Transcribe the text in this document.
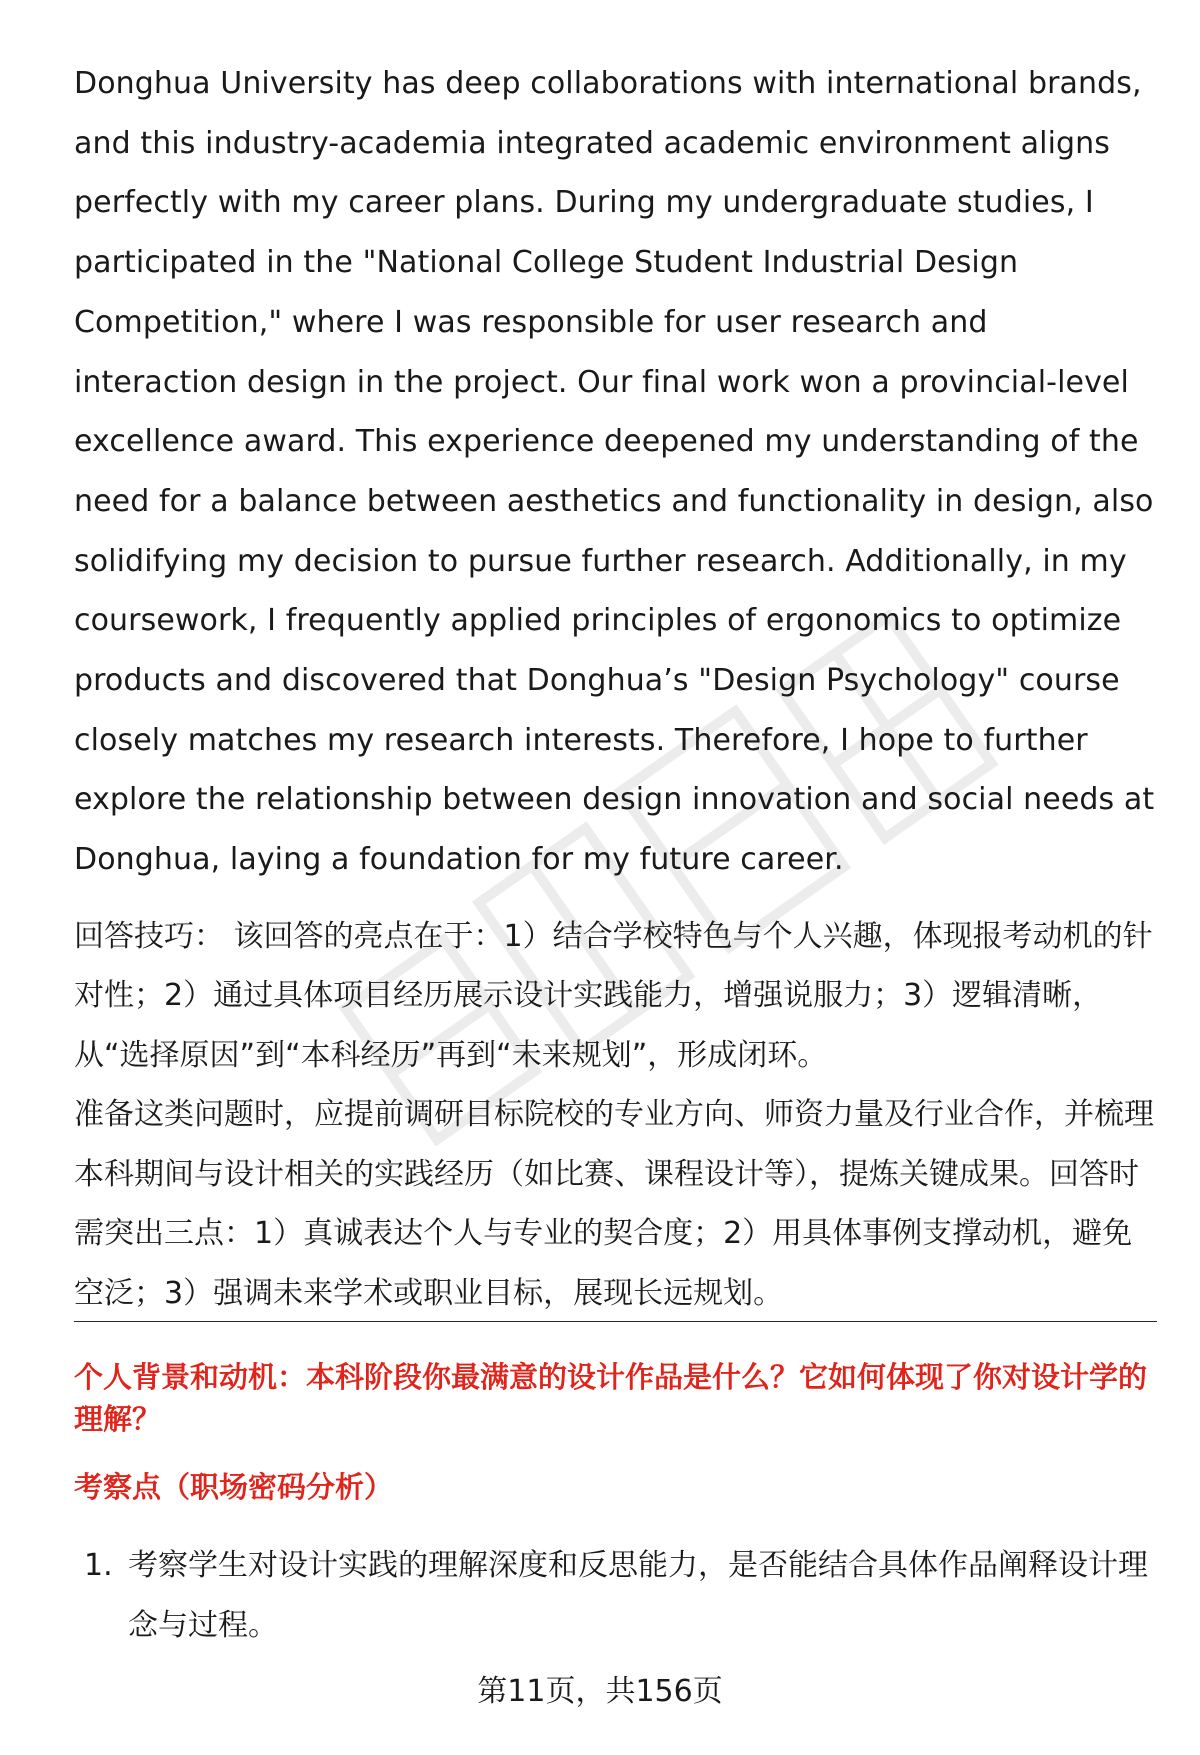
Donghua University has deep collaborations with international brands, and this industry-academia integrated academic environment aligns perfectly with my career plans. During my undergraduate studies, I participated in the "National College Student Industrial Design Competition," where I was responsible for user research and interaction design in the project. Our final work won a provincial-level excellence award. This experience deepened my understanding of the need for a balance between aesthetics and functionality in design, also solidifying my decision to pursue further research. Additionally, in my coursework, I frequently applied principles of ergonomics to optimize products and discovered that Donghua’s "Design Psychology" course closely matches my research interests. Therefore, I hope to further explore the relationship between design innovation and social needs at Donghua, laying a foundation for my future career.

回答技巧： 该回答的亮点在于：1）结合学校特色与个人兴趣，体现报考动机的针对性；2）通过具体项目经历展示设计实践能力，增强说服力；3）逻辑清晰，从“选择原因”到“本科经历”再到“未来规划”，形成闭环。

准备这类问题时，应提前调研目标院校的专业方向、师资力量及行业合作，并梳理本科期间与设计相关的实践经历（如比赛、课程设计等），提炼关键成果。回答时需突出三点：1）真诚表达个人与专业的契合度；2）用具体事例支撑动机，避免空泛；3）强调未来学术或职业目标，展现长远规划。

个人背景和动机：本科阶段你最满意的设计作品是什么？它如何体现了你对设计学的理解？

考察点（职场密码分析）

1. 考察学生对设计实践的理解深度和反思能力，是否能结合具体作品阐释设计理念与过程。
第11页，共156页
